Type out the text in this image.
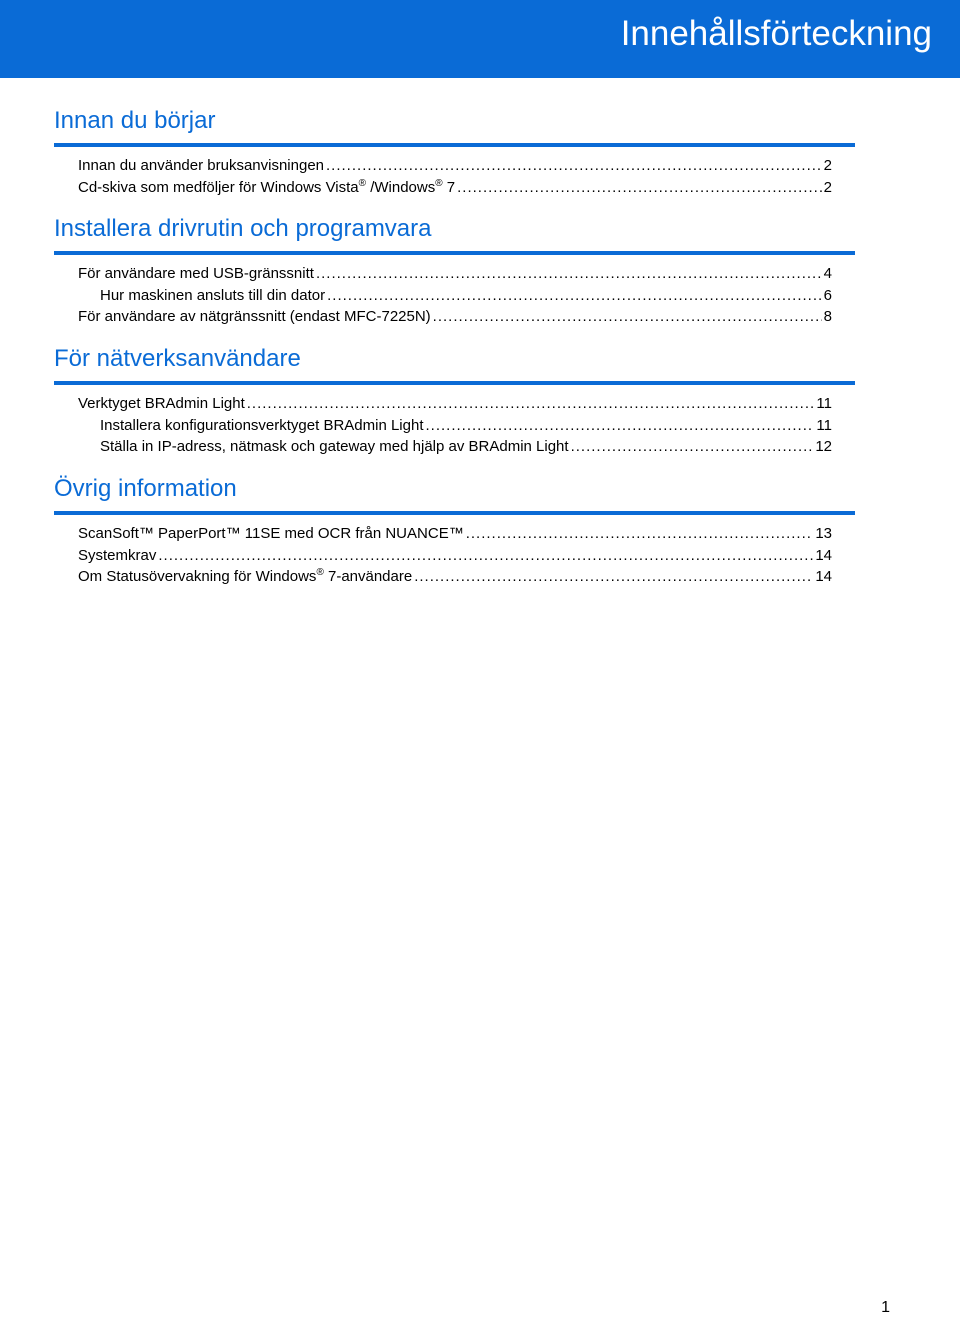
Innehållsförteckning
Innan du börjar
Innan du använder bruksanvisningen .....	2
Cd-skiva som medföljer för Windows Vista® /Windows® 7 .....	2
Installera drivrutin och programvara
För användare med USB-gränssnitt .....	4
Hur maskinen ansluts till din dator .....	6
För användare av nätgränssnitt (endast MFC-7225N) .....	8
För nätverksanvändare
Verktyget BRAdmin Light .....	11
Installera konfigurationsverktyget BRAdmin Light .....	11
Ställa in IP-adress, nätmask och gateway med hjälp av BRAdmin Light .....	12
Övrig information
ScanSoft™ PaperPort™ 11SE med OCR från NUANCE™ .....	13
Systemkrav .....	14
Om Statusövervakning för Windows® 7-användare .....	14
1
